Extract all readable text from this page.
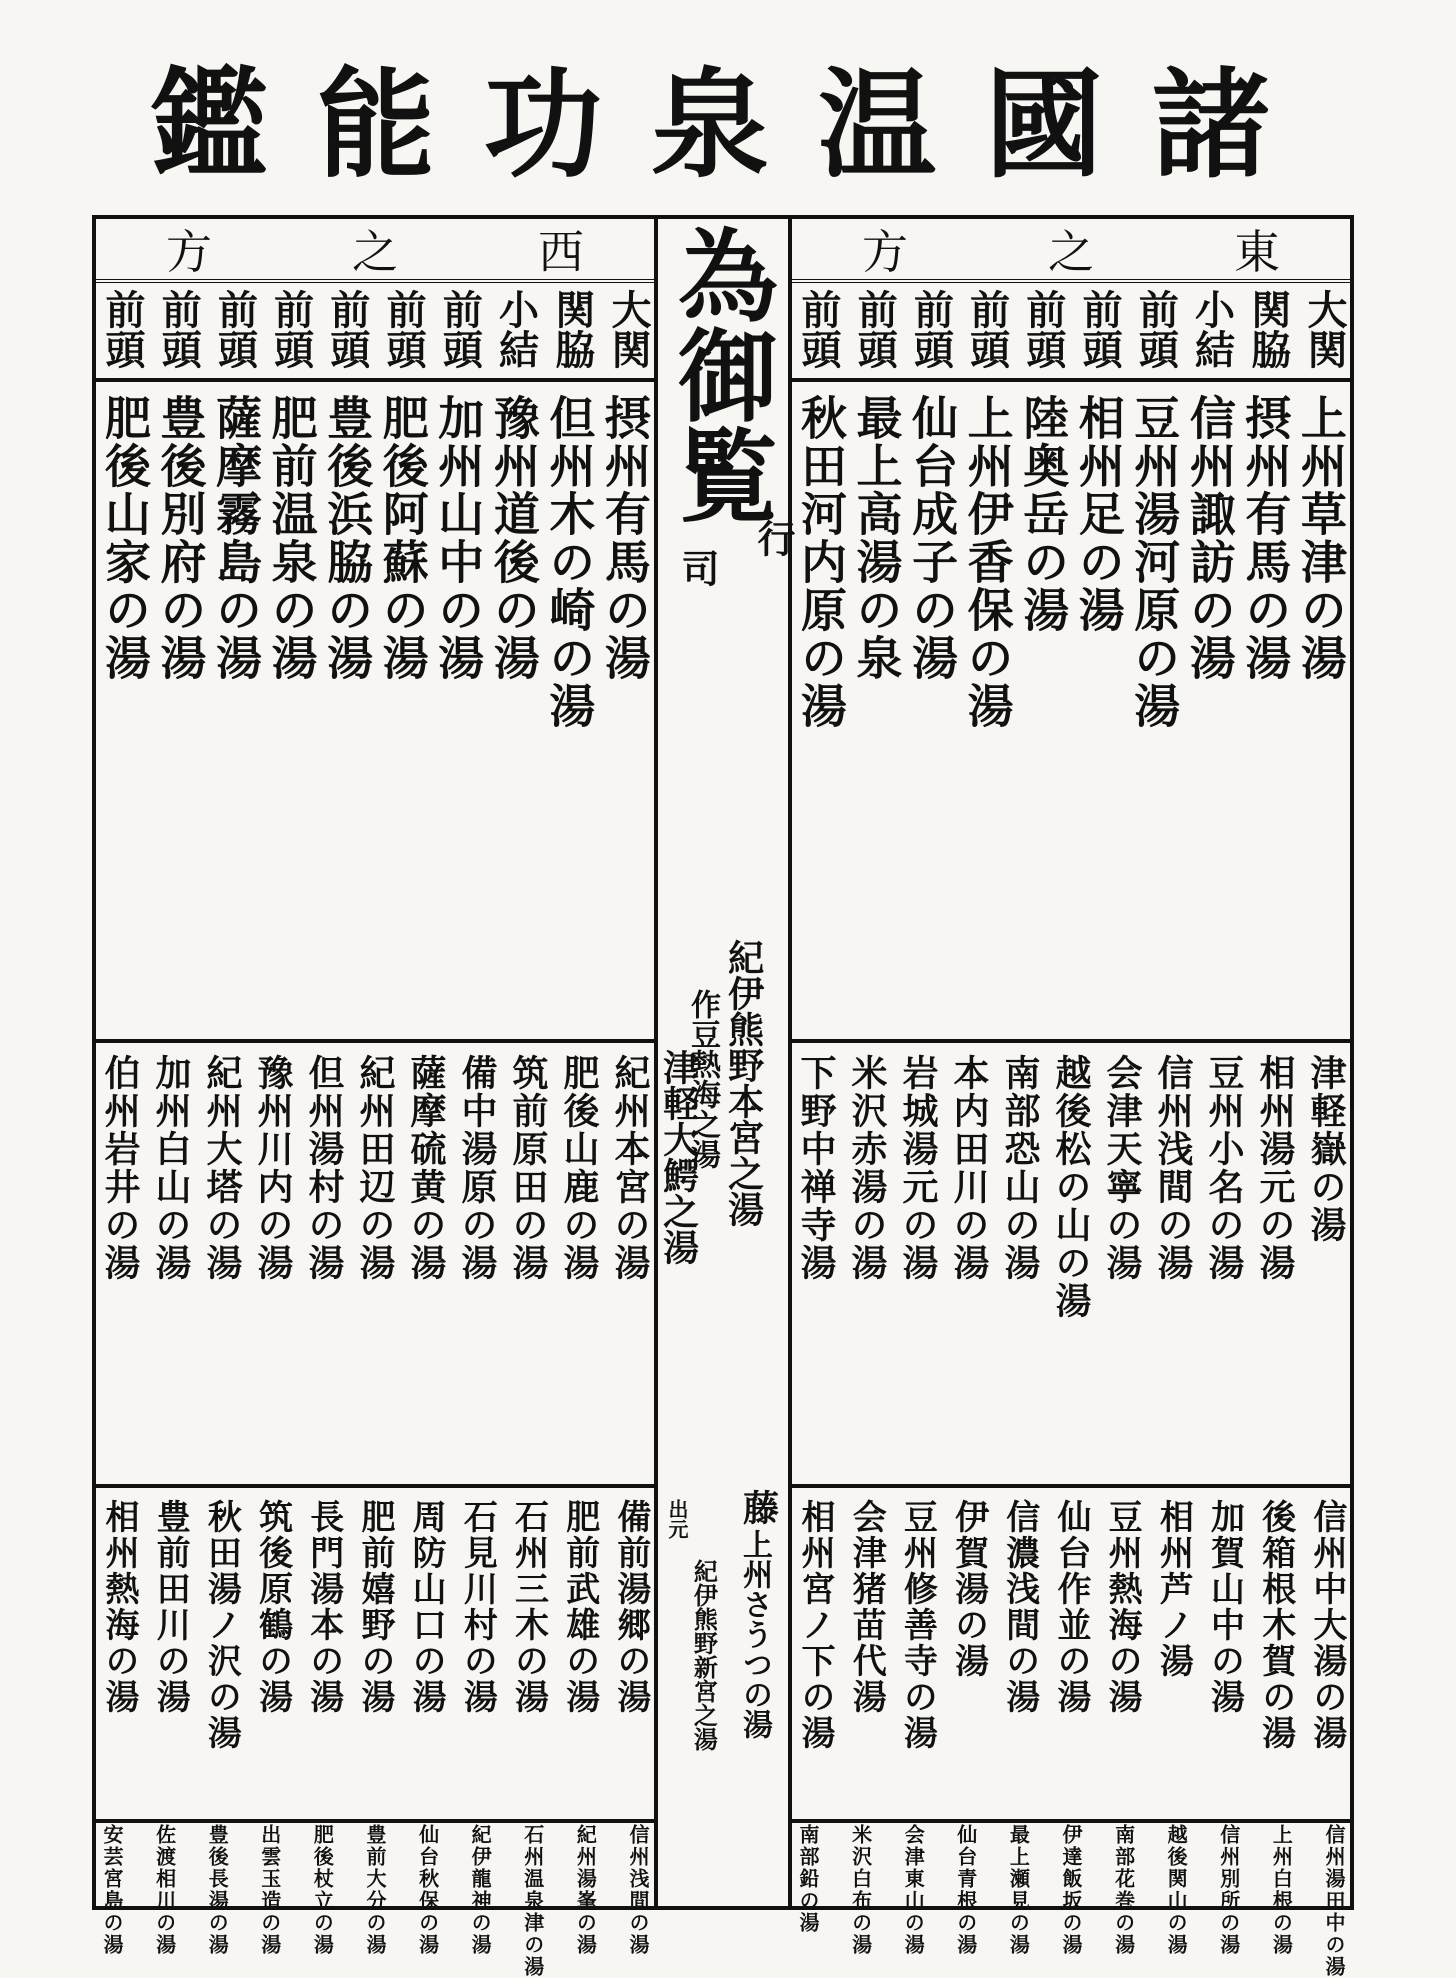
諸
國
温
泉
功
能
鑑
西
之
方
大関
関脇
小結
前頭
前頭
前頭
前頭
前頭
前頭
前頭
摂州有馬の湯
但州木の崎の湯
豫州道後の湯
加州山中の湯
肥後阿蘇の湯
豊後浜脇の湯
肥前温泉の湯
薩摩霧島の湯
豊後別府の湯
肥後山家の湯
紀州本宮の湯
肥後山鹿の湯
筑前原田の湯
備中湯原の湯
薩摩硫黄の湯
紀州田辺の湯
但州湯村の湯
豫州川内の湯
紀州大塔の湯
加州白山の湯
伯州岩井の湯
備前湯郷の湯
肥前武雄の湯
石州三木の湯
石見川村の湯
周防山口の湯
肥前嬉野の湯
長門湯本の湯
筑後原鶴の湯
秋田湯ノ沢の湯
豊前田川の湯
相州熱海の湯
信州浅間の湯
紀州湯峯の湯
石州温泉津の湯
紀伊龍神の湯
仙台秋保の湯
豊前大分の湯
肥後杖立の湯
出雲玉造の湯
豊後長湯の湯
佐渡相川の湯
安芸宮島の湯
為御覧
行
司
紀伊熊野本宮之湯
作豆熱海之湯
津軽大鰐之湯
藤
上州さうつの湯
出元
紀伊熊野新宮之湯
東
之
方
大関
関脇
小結
前頭
前頭
前頭
前頭
前頭
前頭
前頭
上州草津の湯
摂州有馬の湯
信州諏訪の湯
豆州湯河原の湯
相州足の湯
陸奥岳の湯
上州伊香保の湯
仙台成子の湯
最上高湯の泉
秋田河内原の湯
津軽嶽の湯
相州湯元の湯
豆州小名の湯
信州浅間の湯
会津天寧の湯
越後松の山の湯
南部恐山の湯
本内田川の湯
岩城湯元の湯
米沢赤湯の湯
下野中禅寺湯
信州中大湯の湯
後箱根木賀の湯
加賀山中の湯
相州芦ノ湯
豆州熱海の湯
仙台作並の湯
信濃浅間の湯
伊賀湯の湯
豆州修善寺の湯
会津猪苗代湯
相州宮ノ下の湯
信州湯田中の湯
上州白根の湯
信州別所の湯
越後関山の湯
南部花巻の湯
伊達飯坂の湯
最上瀬見の湯
仙台青根の湯
会津東山の湯
米沢白布の湯
南部鉛の湯
